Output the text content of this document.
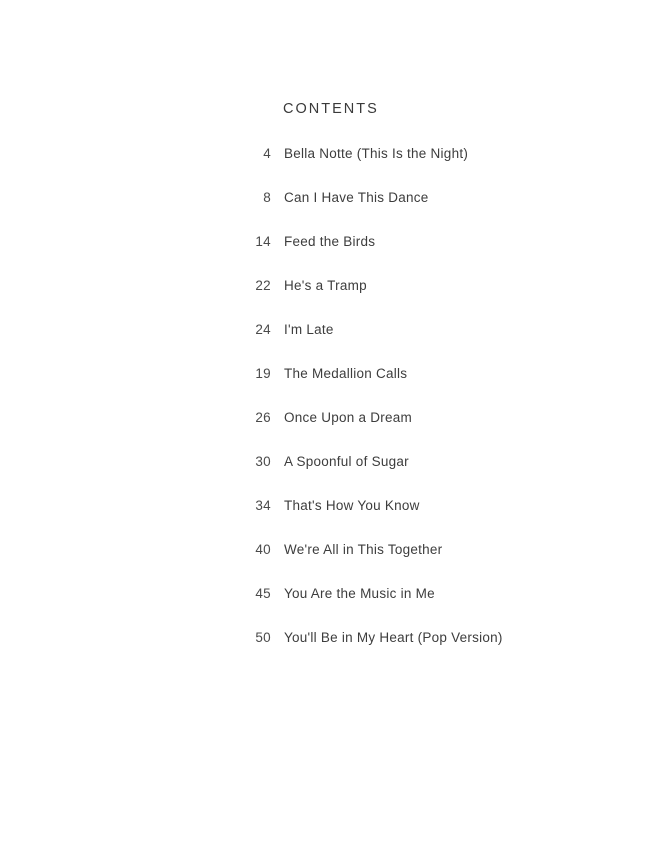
CONTENTS
4 Bella Notte (This Is the Night)
8 Can I Have This Dance
14 Feed the Birds
22 He's a Tramp
24 I'm Late
19 The Medallion Calls
26 Once Upon a Dream
30 A Spoonful of Sugar
34 That's How You Know
40 We're All in This Together
45 You Are the Music in Me
50 You'll Be in My Heart (Pop Version)
